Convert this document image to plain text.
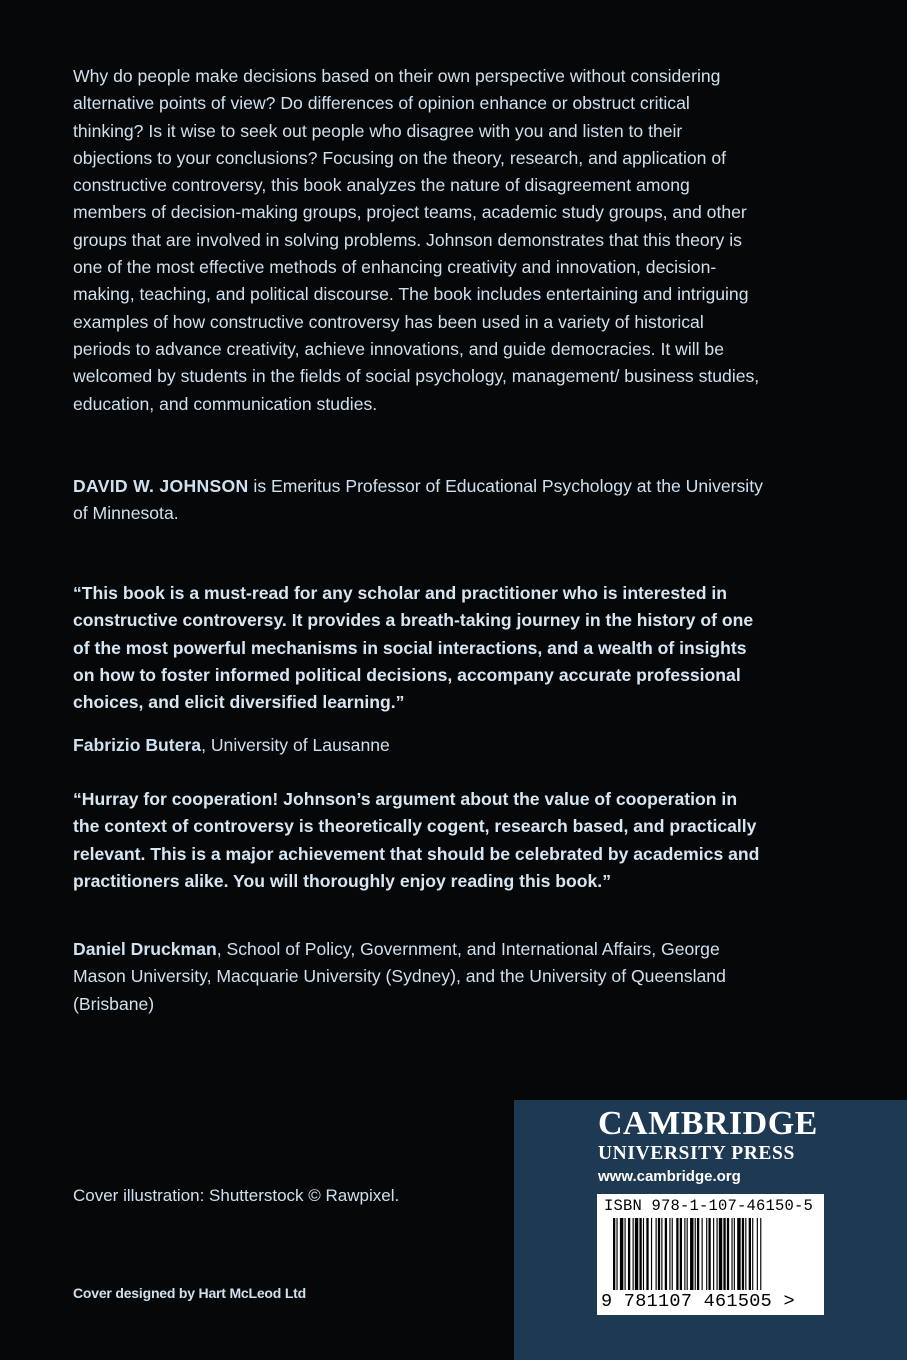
Why do people make decisions based on their own perspective without considering alternative points of view? Do differences of opinion enhance or obstruct critical thinking? Is it wise to seek out people who disagree with you and listen to their objections to your conclusions? Focusing on the theory, research, and application of constructive controversy, this book analyzes the nature of disagreement among members of decision-making groups, project teams, academic study groups, and other groups that are involved in solving problems. Johnson demonstrates that this theory is one of the most effective methods of enhancing creativity and innovation, decision-making, teaching, and political discourse. The book includes entertaining and intriguing examples of how constructive controversy has been used in a variety of historical periods to advance creativity, achieve innovations, and guide democracies. It will be welcomed by students in the fields of social psychology, management/ business studies, education, and communication studies.

DAVID W. JOHNSON is Emeritus Professor of Educational Psychology at the University of Minnesota.

“This book is a must-read for any scholar and practitioner who is interested in constructive controversy. It provides a breath-taking journey in the history of one of the most powerful mechanisms in social interactions, and a wealth of insights on how to foster informed political decisions, accompany accurate professional choices, and elicit diversified learning.”

Fabrizio Butera, University of Lausanne

“Hurray for cooperation! Johnson’s argument about the value of cooperation in the context of controversy is theoretically cogent, research based, and practically relevant. This is a major achievement that should be celebrated by academics and practitioners alike. You will thoroughly enjoy reading this book.”

Daniel Druckman, School of Policy, Government, and International Affairs, George Mason University, Macquarie University (Sydney), and the University of Queensland (Brisbane)

Cover illustration: Shutterstock © Rawpixel.

Cover designed by Hart McLeod Ltd

CAMBRIDGE

UNIVERSITY PRESS

www.cambridge.org

ISBN 978-1-107-46150-5

9 781107 461505 >
